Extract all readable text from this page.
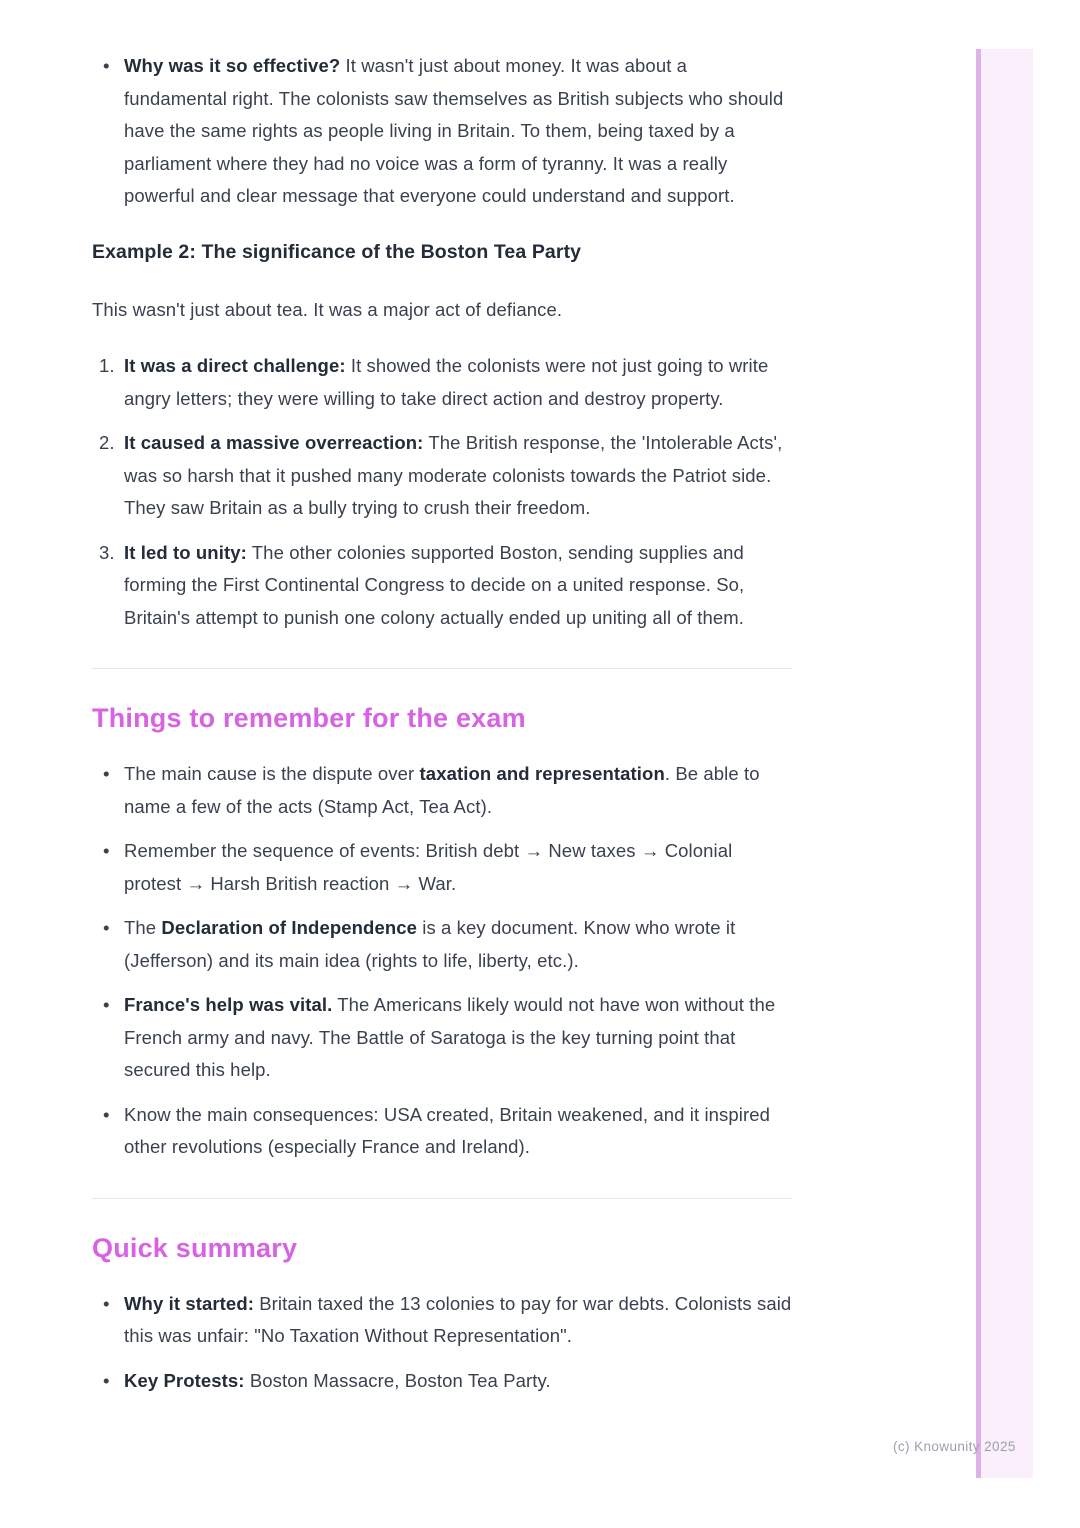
• Why was it so effective? It wasn't just about money. It was about a fundamental right. The colonists saw themselves as British subjects who should have the same rights as people living in Britain. To them, being taxed by a parliament where they had no voice was a form of tyranny. It was a really powerful and clear message that everyone could understand and support.
Example 2: The significance of the Boston Tea Party

This wasn't just about tea. It was a major act of defiance.

It was a direct challenge: It showed the colonists were not just going to write angry letters; they were willing to take direct action and destroy property.
It caused a massive overreaction: The British response, the 'Intolerable Acts', was so harsh that it pushed many moderate colonists towards the Patriot side. They saw Britain as a bully trying to crush their freedom.
It led to unity: The other colonies supported Boston, sending supplies and forming the First Continental Congress to decide on a united response. So, Britain's attempt to punish one colony actually ended up uniting all of them.
Things to remember for the exam
• The main cause is the dispute over taxation and representation. Be able to name a few of the acts (Stamp Act, Tea Act).
• Remember the sequence of events: British debt → New taxes → Colonial protest → Harsh British reaction → War.
• The Declaration of Independence is a key document. Know who wrote it (Jefferson) and its main idea (rights to life, liberty, etc.).
• France's help was vital. The Americans likely would not have won without the French army and navy. The Battle of Saratoga is the key turning point that secured this help.
• Know the main consequences: USA created, Britain weakened, and it inspired other revolutions (especially France and Ireland).
Quick summary
• Why it started: Britain taxed the 13 colonies to pay for war debts. Colonists said this was unfair: "No Taxation Without Representation".
• Key Protests: Boston Massacre, Boston Tea Party.
(c) Knowunity 2025
